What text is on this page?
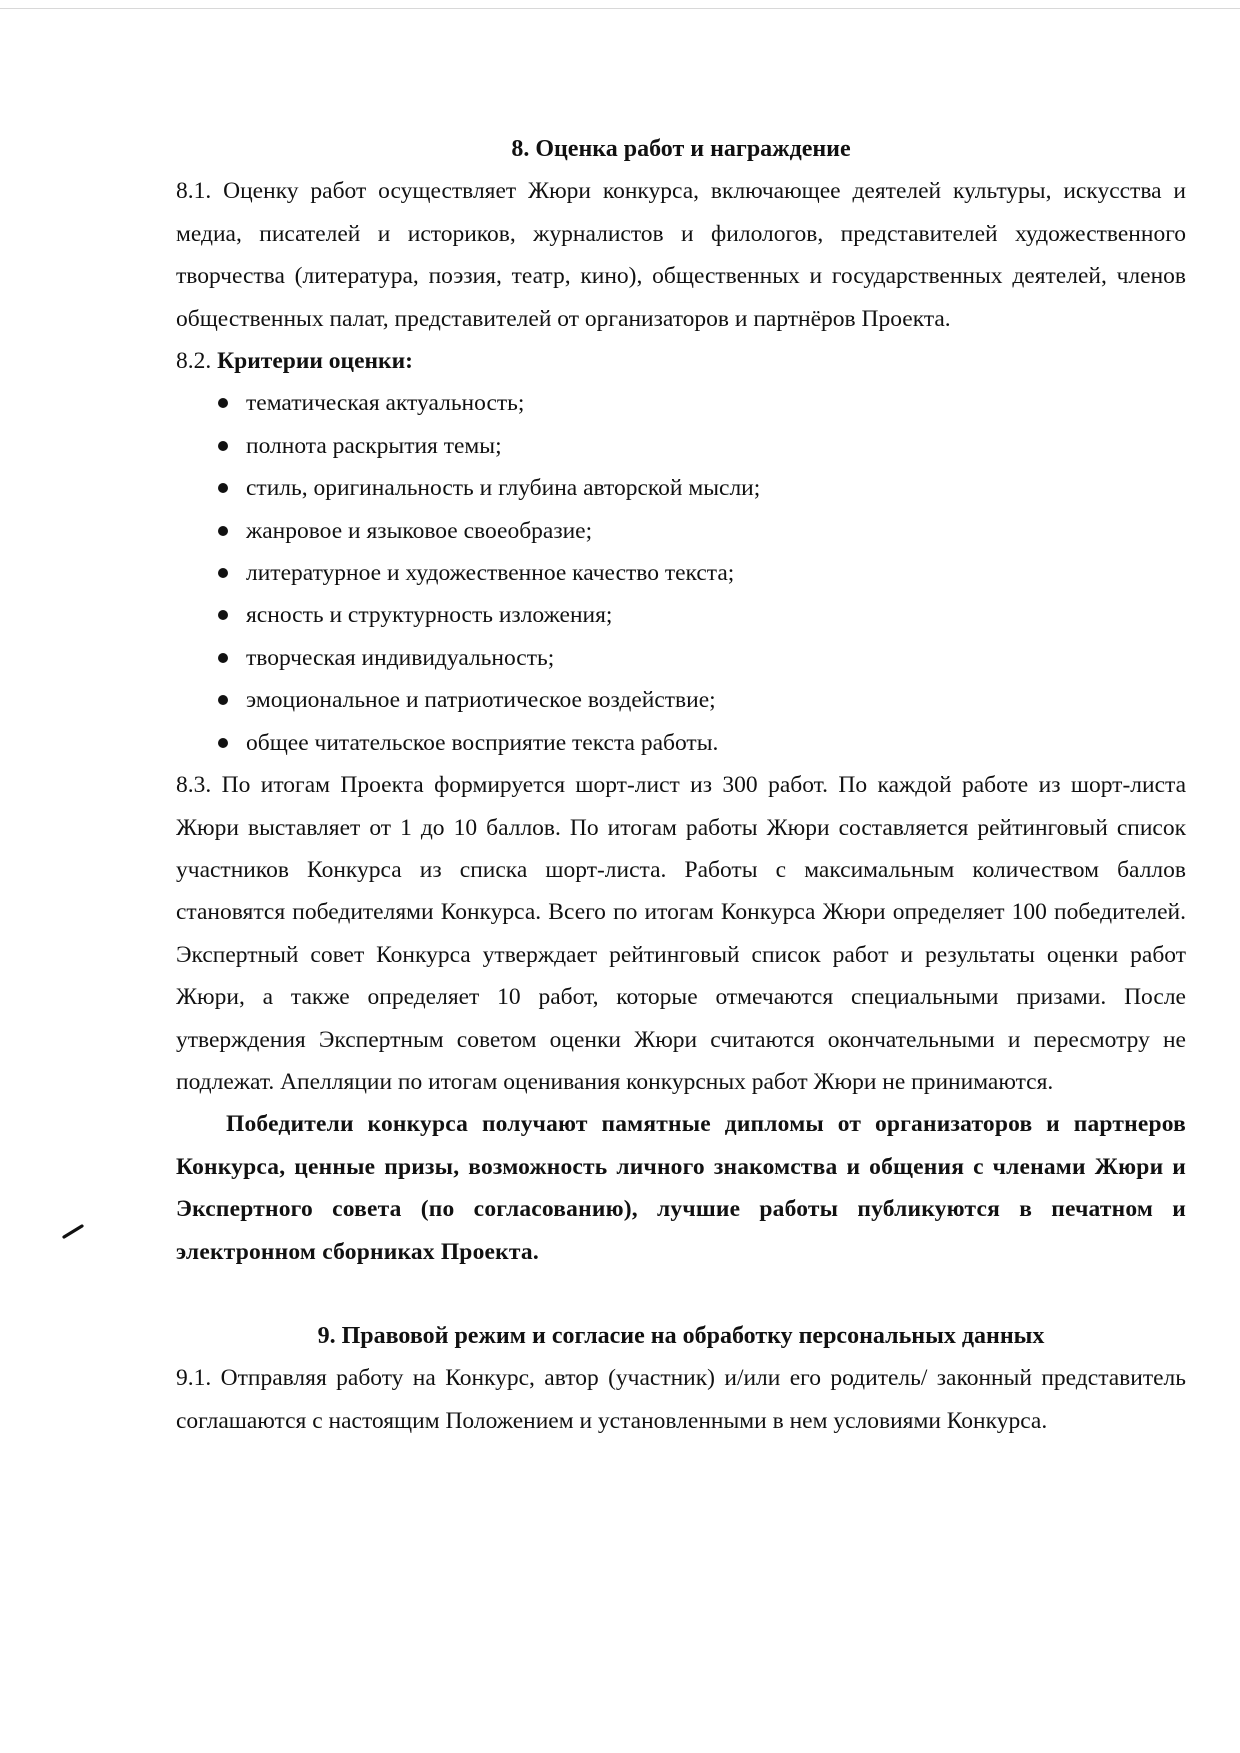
8. Оценка работ и награждение

8.1. Оценку работ осуществляет Жюри конкурса, включающее деятелей культуры, искусства и медиа, писателей и историков, журналистов и филологов, представителей художественного творчества (литература, поэзия, театр, кино), общественных и государственных деятелей, членов общественных палат, представителей от организаторов и партнёров Проекта.

8.2. Критерии оценки:

тематическая актуальность;
полнота раскрытия темы;
стиль, оригинальность и глубина авторской мысли;
жанровое и языковое своеобразие;
литературное и художественное качество текста;
ясность и структурность изложения;
творческая индивидуальность;
эмоциональное и патриотическое воздействие;
общее читательское восприятие текста работы.

8.3. По итогам Проекта формируется шорт-лист из 300 работ. По каждой работе из шорт-листа Жюри выставляет от 1 до 10 баллов. По итогам работы Жюри составляется рейтинговый список участников Конкурса из списка шорт-листа. Работы с максимальным количеством баллов становятся победителями Конкурса. Всего по итогам Конкурса Жюри определяет 100 победителей. Экспертный совет Конкурса утверждает рейтинговый список работ и результаты оценки работ Жюри, а также определяет 10 работ, которые отмечаются специальными призами. После утверждения Экспертным советом оценки Жюри считаются окончательными и пересмотру не подлежат. Апелляции по итогам оценивания конкурсных работ Жюри не принимаются.

Победители конкурса получают памятные дипломы от организаторов и партнеров Конкурса, ценные призы, возможность личного знакомства и общения с членами Жюри и Экспертного совета (по согласованию), лучшие работы публикуются в печатном и электронном сборниках Проекта.

9. Правовой режим и согласие на обработку персональных данных

9.1. Отправляя работу на Конкурс, автор (участник) и/или его родитель/ законный представитель соглашаются с настоящим Положением и установленными в нем условиями Конкурса.
